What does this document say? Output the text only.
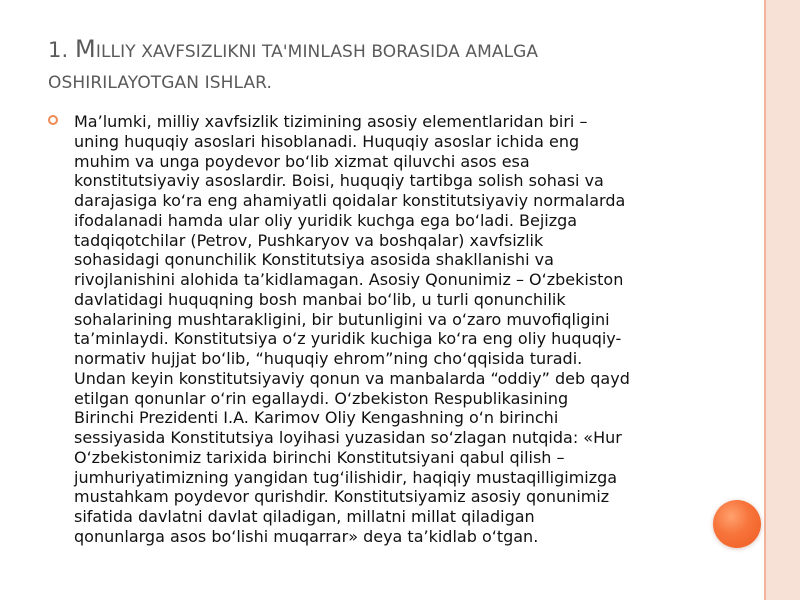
1. MILLIY XAVFSIZLIKNI TA'MINLASH BORASIDA AMALGA
OSHIRILAYOTGAN ISHLAR.
Ma’lumki, milliy xavfsizlik tizimining asosiy elementlaridan biri –
uning huquqiy asoslari hisoblanadi. Huquqiy asoslar ichida eng
muhim va unga poydevor bo‘lib xizmat qiluvchi asos esa
konstitutsiyaviy asoslardir. Boisi, huquqiy tartibga solish sohasi va
darajasiga ko‘ra eng ahamiyatli qoidalar konstitutsiyaviy normalarda
ifodalanadi hamda ular oliy yuridik kuchga ega bo‘ladi. Bejizga
tadqiqotchilar (Petrov, Pushkaryov va boshqalar) xavfsizlik
sohasidagi qonunchilik Konstitutsiya asosida shakllanishi va
rivojlanishini alohida ta’kidlamagan. Asosiy Qonunimiz – O‘zbekiston
davlatidagi huquqning bosh manbai bo‘lib, u turli qonunchilik
sohalarining mushtarakligini, bir butunligini va o‘zaro muvofiqligini
ta’minlaydi. Konstitutsiya o‘z yuridik kuchiga ko‘ra eng oliy huquqiy-
normativ hujjat bo‘lib, “huquqiy ehrom”ning cho‘qqisida turadi.
Undan keyin konstitutsiyaviy qonun va manbalarda “oddiy” deb qayd
etilgan qonunlar o‘rin egallaydi. O‘zbekiston Respublikasining
Birinchi Prezidenti I.A. Karimov Oliy Kengashning o‘n birinchi
sessiyasida Konstitutsiya loyihasi yuzasidan so‘zlagan nutqida: «Hur
O‘zbekistonimiz tarixida birinchi Konstitutsiyani qabul qilish –
jumhuriyatimizning yangidan tug‘ilishidir, haqiqiy mustaqilligimizga
mustahkam poydevor qurishdir. Konstitutsiyamiz asosiy qonunimiz
sifatida davlatni davlat qiladigan, millatni millat qiladigan
qonunlarga asos bo‘lishi muqarrar» deya ta’kidlab o‘tgan.
